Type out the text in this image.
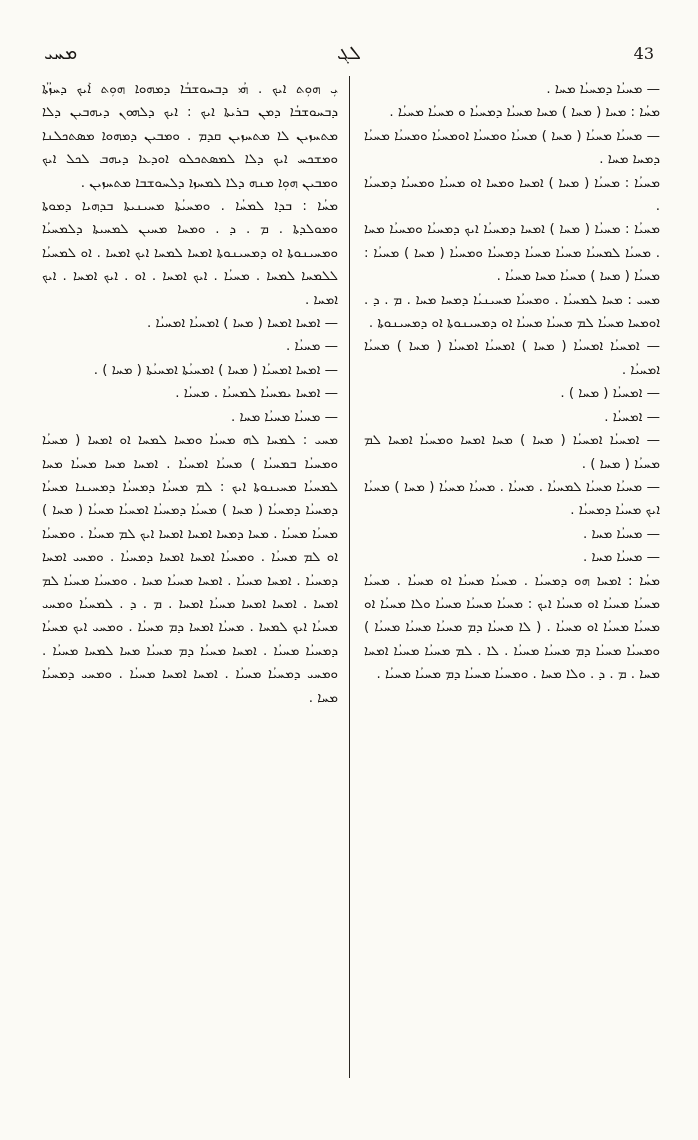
ܡܚܝ	ܠܓ	43

ܝܼ ܗܘܼܬ ܐܝܟ . ܗܳܝ ܕܒܚܘܫܒܳܐ ܕܡܗܘܐ ܗܘܼܬ ܐܰܝܟ ܕܚܙܳܬܳܐ ܕܒܚܘܫܒܳܐ ܕܡܢ ܒܪܝܬܐ ܐܝܟ : ܐܝܟ ܕܠܗܘܢ ܕܝܗܒܝܢ ܕܠܐ ܡܬܚܙܝܢ ܠܐ ܡܬܚܙܝܢ ܩܕܡ . ܘܡܒܝܢ ܕܡܗܘܐ ܡܣܬܟܠܢܐ ܘܡܫܟܚ ܐܝܟ ܕܠܐ ܠܡܣܬܟܠܘ ܐܘܕܥܐ ܕܝܗܒ ܠܟܠ ܐܝܟ ܘܡܒܝܢ ܗܘܼܐ ܡܢܗ ܕܠܐ ܠܡܚܙܐ ܕܠܚܘܫܒܐ ܡܬܚܙܝܢ .

ܡܚܳܐ : ܒܕܐ ܠܡܚܳܐ . ܘܡܚܝܳܬܐ ܡܚܝܢܝܬܐ ܒܕܗܝܐ ܕܡܘܬܐ ܘܡܘܠܕܬܐ . ܡ . ܕ . ܘܡܚܐ ܡܚܝܢ ܠܡܚܝܬܐ ܕܠܡܚܝܳܐ ܘܡܚܝܢܘܬܐ ܐܘ ܕܡܚܝܢܘܬܐ ܐܡܚܐ ܠܡܚܐ ܐܝܟ ܐܡܚܐ . ܐܘ ܠܡܚܝܳܐ ܠܠܡܚܐ ܠܡܚܐ . ܡܚܝܳܐ . ܐܝܟ ܐܡܚܐ . ܐܘ . ܐܝܟ ܐܡܚܐ . ܐܝܟ ܐܡܚܐ .

— ܐܡܚܐ ܐܡܚܐ ( ܡܚܐ ) ܐܡܚܝܳܐ ܐܡܚܝܳܐ .

— ܡܚܝܳܐ .

— ܐܡܚܐ ܐܡܚܝܳܐ ( ܡܚܐ ) ܐܡܚܝܳܬܐ ܐܡܚܝܳܬܐ ( ܡܚܐ ) .

— ܐܡܚܐ ܝܡܚܝܳܐ ܠܡܚܝܳܐ . ܡܚܝܳܐ .

— ܡܚܝܳܐ ܡܚܝܳܐ ܡܚܐ .

ܡܚܝ : ܠܡܚܐ ܠܗ ܡܚܝܳܐ ܘܡܚܐ ܠܡܚܐ ܐܘ ܐܡܚܐ ( ܡܚܝܳܐ ܘܡܚܝܳܐ ܒܡܚܝܳܐ ) ܡܚܝܳܐ ܐܡܚܝܳܐ . ܐܡܚܐ ܡܚܐ ܡܚܝܳܐ ܡܚܐ ܠܡܚܝܳܐ ܡܚܝܢܘܬܐ ܐܝܟ : ܠܡ ܡܚܝܳܐ ܕܡܚܝܳܐ ܕܡܚܝܢܐ ܡܚܝܳܐ ܕܡܚܝܳܐ ܕܡܚܝܳܐ ( ܡܚܐ ) ܡܚܝܳܐ ܕܡܚܝܳܐ ܐܡܚܝܳܐ ܡܚܝܳܐ ( ܡܚܐ ) ܡܚܝܳܐ ܡܚܝܳܐ . ܡܚܐ ܕܡܚܐ ܐܡܚܐ ܐܡܚܐ ܐܝܟ ܠܡ ܡܚܝܳܐ . ܘܡܚܝܳܐ ܐܘ ܠܡ ܡܚܝܳܐ . ܘܡܚܝܳܐ ܐܡܚܐ ܐܡܚܐ ܕܡܚܝܳܐ . ܘܡܚܝ ܐܡܚܐ ܕܡܚܝܳܐ . ܐܡܚܐ ܡܚܝܳܐ . ܐܡܚܐ ܡܚܝܳܐ ܡܚܐ . ܘܡܚܝܳܐ ܡܚܝܳܐ ܠܡ ܐܡܚܐ . ܐܡܚܐ ܐܡܚܐ ܡܚܝܳܐ ܐܡܚܐ . ܡ . ܕ . ܠܡܚܝܳܐ ܘܡܚܝ ܡܚܝܳܐ ܐܝܟ ܠܡܚܐ . ܡܚܝܳܐ ܐܡܚܐ ܕܡ ܡܚܝܳܐ . ܘܡܚܝ ܐܝܟ ܡܚܝܳܐ ܕܡܚܝܳܐ ܡܚܝܳܐ . ܐܡܚܐ ܡܚܝܳܐ ܕܡ ܡܚܝܳܐ ܡܚܐ ܠܡܚܐ ܡܚܝܳܐ . ܘܡܚܝ ܕܡܚܝܳܐ ܡܚܝܳܐ . ܐܡܚܐ ܐܡܚܐ ܡܚܝܳܐ . ܘܡܚܝ ܕܡܚܝܳܐ ܡܚܐ .

— ܡܚܝܳܐ ܕܡܚܝܳܐ ܡܚܐ .

ܡܚܳܐ : ܡܚܐ ( ܡܚܐ ) ܡܚܐ ܡܚܝܳܐ ܕܡܚܝܳܐ ܘ ܡܚܝܳܐ ܡܚܝܳܐ .

— ܡܚܝܳܐ ܡܚܝܳܐ ( ܡܚܐ ) ܡܚܝܳܐ ܘܡܚܝܳܐ ܐܘܡܚܝܳܐ ܘܡܚܝܳܐ ܡܚܝܳܐ ܕܡܚܐ ܡܚܐ .

ܡܚܝܳܐ : ܡܚܝܳܐ ( ܡܚܐ ) ܐܡܚܐ ܘܡܚܐ ܐܘ ܡܚܝܳܐ ܘܡܚܝܳܐ ܕܡܚܝܳܐ .

ܡܚܝܳܐ : ܡܚܝܳܐ ( ܡܚܐ ) ܐܡܚܐ ܕܡܚܝܳܐ ܐܝܟ ܕܡܚܝܳܐ ܘܡܚܝܳܐ ܡܚܐ . ܡܚܝܳܐ ܠܡܚܝܳܐ ܡܚܝܳܐ ܡܚܝܳܐ ܕܡܚܝܳܐ ܘܡܚܝܳܐ ( ܡܚܐ ) ܡܚܝܳܐ : ܡܚܝܳܐ ( ܡܚܐ ) ܡܚܝܳܐ ܡܚܐ ܡܚܝܳܐ .

ܡܚܝ : ܡܚܐ ܠܡܚܝܳܐ . ܘܡܚܝܳܐ ܡܚܝܢܝܳܐ ܕܡܚܐ ܡܚܐ . ܡ . ܕ . ܐܘܡܚܐ ܡܚܝܳܐ ܠܡ ܡܚܝܳܐ ܡܚܝܳܐ ܐܘ ܕܡܚܝܢܘܬܐ ܐܘ ܕܡܚܝܢܘܬܐ .

— ܐܡܚܝܳܐ ܐܡܚܝܳܐ ( ܡܚܐ ) ܐܡܚܝܳܐ ܐܡܚܝܳܐ ( ܡܚܐ ) ܡܚܝܳܐ ܐܡܚܝܳܐ .

— ܐܡܚܝܳܐ ( ܡܚܐ ) .

— ܐܡܚܝܳܐ .

— ܐܡܚܝܳܐ ܐܡܚܝܳܐ ( ܡܚܐ ) ܡܚܐ ܐܡܚܐ ܘܡܚܝܳܐ ܐܡܚܐ ܠܡ ܡܚܝܳܐ ( ܡܚܐ ) .

— ܡܚܝܳܐ ܡܚܝܳܐ ܠܡܚܝܳܐ . ܡܚܝܳܐ . ܡܚܝܳܐ ܡܚܝܳܐ ( ܡܚܐ ) ܡܚܝܳܐ ܐܝܟ ܡܚܝܳܐ ܕܡܚܝܳܐ .

— ܡܚܝܳܐ ܡܚܐ .

— ܡܚܝܳܐ ܡܚܐ .

ܡܚܳܐ : ܐܡܚܐ ܗܘ ܕܡܚܝܳܐ . ܡܚܝܳܐ ܡܚܝܳܐ ܐܘ ܡܚܝܳܐ . ܡܚܝܳܐ ܡܚܝܳܐ ܡܚܝܳܐ ܐܘ ܡܚܝܳܐ ܐܝܟ : ܡܚܝܳܐ ܡܚܝܳܐ ܡܚܝܳܐ ܘܠܐ ܡܚܝܳܐ ܐܘ ܡܚܝܳܐ ܡܚܝܳܐ ܐܘ ܡܚܝܳܐ . ( ܠܐ ܡܚܝܳܐ ܕܡ ܡܚܝܳܐ ܡܚܝܳܐ ܡܚܝܳܐ ) ܘܡܚܝܳܐ ܡܚܝܳܐ ܕܡ ܡܚܝܳܐ ܡܚܝܳܐ . ܠܐ . ܠܡ ܡܚܝܳܐ ܡܚܝܳܐ ܐܡܚܐ ܡܚܐ . ܡ . ܕ . ܘܠܐ ܡܚܐ . ܘܡܚܝܳܐ ܡܚܝܳܐ ܕܡ ܡܚܝܳܐ ܡܚܝܳܐ .
